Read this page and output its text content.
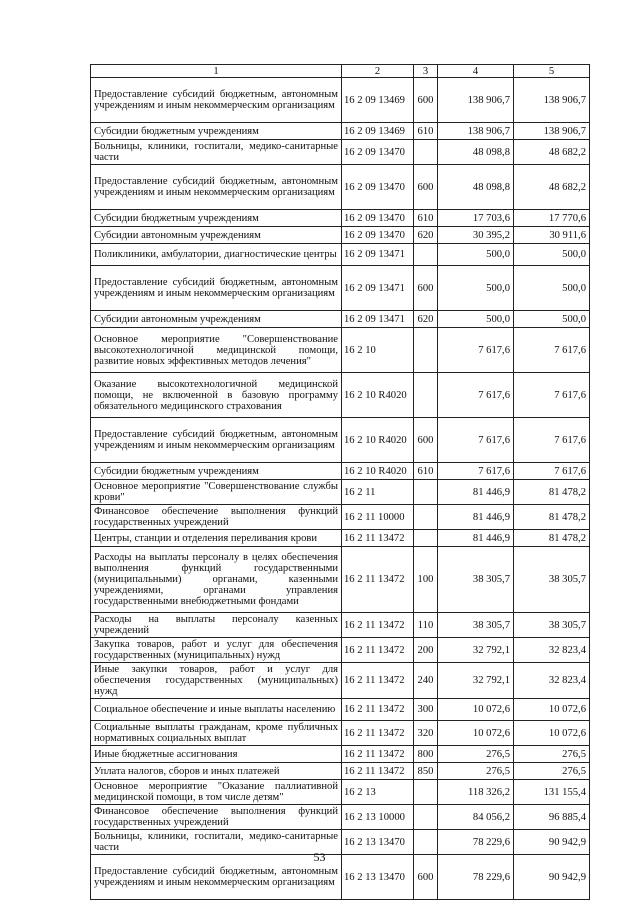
1	2	3	4	5
Предоставление субсидий бюджетным, автономным учреждениям и иным некоммерческим организациям	16 2 09 13469	600	138 906,7	138 906,7
Субсидии бюджетным учреждениям	16 2 09 13469	610	138 906,7	138 906,7
Больницы, клиники, госпитали, медико-санитарные части	16 2 09 13470		48 098,8	48 682,2
Предоставление субсидий бюджетным, автономным учреждениям и иным некоммерческим организациям	16 2 09 13470	600	48 098,8	48 682,2
Субсидии бюджетным учреждениям	16 2 09 13470	610	17 703,6	17 770,6
Субсидии автономным учреждениям	16 2 09 13470	620	30 395,2	30 911,6
Поликлиники, амбулатории, диагностические центры	16 2 09 13471		500,0	500,0
Предоставление субсидий бюджетным, автономным учреждениям и иным некоммерческим организациям	16 2 09 13471	600	500,0	500,0
Субсидии автономным учреждениям	16 2 09 13471	620	500,0	500,0
Основное мероприятие "Совершенствование высокотехнологичной медицинской помощи, развитие новых эффективных методов лечения"	16 2 10		7 617,6	7 617,6
Оказание высокотехнологичной медицинской помощи, не включенной в базовую программу обязательного медицинского страхования	16 2 10 R4020		7 617,6	7 617,6
Предоставление субсидий бюджетным, автономным учреждениям и иным некоммерческим организациям	16 2 10 R4020	600	7 617,6	7 617,6
Субсидии бюджетным учреждениям	16 2 10 R4020	610	7 617,6	7 617,6
Основное мероприятие "Совершенствование службы крови"	16 2 11		81 446,9	81 478,2
Финансовое обеспечение выполнения функций государственных учреждений	16 2 11 10000		81 446,9	81 478,2
Центры, станции и отделения переливания крови	16 2 11 13472		81 446,9	81 478,2
Расходы на выплаты персоналу в целях обеспечения выполнения функций государственными (муниципальными) органами, казенными учреждениями, органами управления государственными внебюджетными фондами	16 2 11 13472	100	38 305,7	38 305,7
Расходы на выплаты персоналу казенных учреждений	16 2 11 13472	110	38 305,7	38 305,7
Закупка товаров, работ и услуг для обеспечения государственных (муниципальных) нужд	16 2 11 13472	200	32 792,1	32 823,4
Иные закупки товаров, работ и услуг для обеспечения государственных (муниципальных) нужд	16 2 11 13472	240	32 792,1	32 823,4
Социальное обеспечение и иные выплаты населению	16 2 11 13472	300	10 072,6	10 072,6
Социальные выплаты гражданам, кроме публичных нормативных социальных выплат	16 2 11 13472	320	10 072,6	10 072,6
Иные бюджетные ассигнования	16 2 11 13472	800	276,5	276,5
Уплата налогов, сборов и иных платежей	16 2 11 13472	850	276,5	276,5
Основное мероприятие "Оказание паллиативной медицинской помощи, в том числе детям"	16 2 13		118 326,2	131 155,4
Финансовое обеспечение выполнения функций государственных учреждений	16 2 13 10000		84 056,2	96 885,4
Больницы, клиники, госпитали, медико-санитарные части	16 2 13 13470		78 229,6	90 942,9
Предоставление субсидий бюджетным, автономным учреждениям и иным некоммерческим организациям	16 2 13 13470	600	78 229,6	90 942,9
53
